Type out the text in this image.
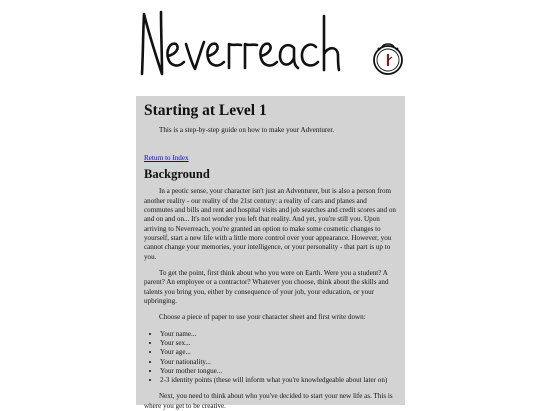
Starting at Level 1

This is a step-by-step guide on how to make your Adventurer.

Return to Index
Background

In a peotic sense, your character isn't just an Adventurer, but is also a person from another reality - our reality of the 21st century: a reality of cars and planes and commutes and bills and rent and hospital visits and job searches and credit scores and on and on and on... It's not wonder you left that reality. And yet, you're still you. Upon arriving to Neverreach, you're granted an option to make some cosmetic changes to yourself, start a new life with a little more control over your appearance. However, you cannot change your memories, your intelligence, or your personality - that part is up to you.

To get the point, first think about who you were on Earth. Were you a student? A parent? An employee or a contractor? Whatever you choose, think about the skills and talents you bring you, either by consequence of your job, your education, or your upbringing.

Choose a piece of paper to use your character sheet and first write down:

• Your name...
• Your sex...
• Your age...
• Your nationality...
• Your mother tongue...
• 2-3 identity points (these will inform what you're knowledgeable about later on)

Next, you need to think about who you've decided to start your new life as. This is where you get to be creative.
